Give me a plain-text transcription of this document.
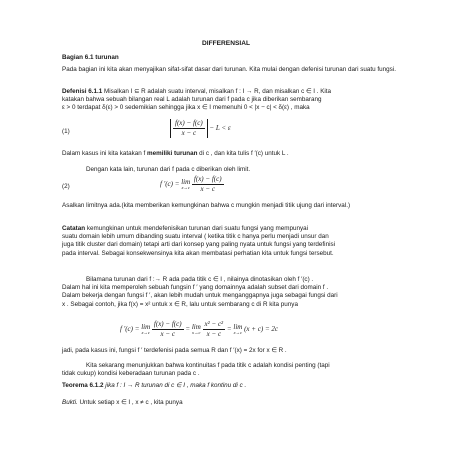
DIFFERENSIAL

Bagian 6.1 turunan

Pada bagian ini kita akan menyajikan sifat-sifat dasar dari turunan. Kita mulai dengan defenisi turunan dari suatu fungsi.

Defenisi 6.1.1 Misalkan I ⊆ R adalah suatu interval, misalkan f : I → R, dan misalkan c ∈ I . Kita
katakan bahwa sebuah bilangan real L adalah turunan dari f pada c jika diberikan sembarang
ε > 0 terdapat δ(ε) > 0 sedemikian sehingga jika x ∈ I memenuhi 0 < |x − c| < δ(ε) , maka
(1)	$\frac{f(x) - f(c)}{x - c} - L < \varepsilon$
Dalam kasus ini kita katakan f memiliki turunan di c , dan kita tulis f ′(c) untuk L .

Dengan kata lain, turunan dari f pada c diberikan oleh limit.

(2)	f ′(c) = lim
x→c
$\frac{f(x) - f(c)}{x - c}$

Asalkan limitnya ada.(kita memberikan kemungkinan bahwa c mungkin menjadi titik ujung dari interval.)

Catatan kemungkinan untuk mendefenisikan turunan dari suatu fungsi yang mempunyai
suatu domain lebih umum dibanding suatu interval ( ketika titik c hanya perlu menjadi unsur dan
juga titik cluster dari domain) tetapi arti dari konsep yang paling nyata untuk fungsi yang terdefinisi
pada interval. Sebagai konsekwensinya kita akan membatasi perhatian kita untuk fungsi tersebut.
Bilamana turunan dari f :→ R ada pada titik c ∈ I , nilainya dinotasikan oleh f ′(c) .
Dalam hal ini kita memperoleh sebuah fungsin f ′ yang domainnya adalah subset dari domain f .
Dalam bekerja dengan fungsi f ′, akan lebih mudah untuk menganggapnya juga sebagai fungsi dari
x . Sebagai contoh, jika f(x) = x² untuk x ∈ R, lalu untuk sembarang c di R kita punya
f ′(c) = lim
x→c
$\frac{f(x) - f(c)}{x - c} = \lim$
x→c
$\frac{\text{x² − c²}}{x - c} = \lim$
x→c (x + c) = 2c

jadi, pada kasus ini, fungsi f ′ terdefenisi pada semua R dan f ′(x) = 2x for x ∈ R .

Kita sekarang menunjukkan bahwa kontinuitas f pada titik c adalah kondisi penting (tapi
tidak cukup) kondisi keberadaan turunan pada c .
Teorema 6.1.2 jika f : I → R turunan di c ∈ I , maka f kontinu di c .
Bukti. Untuk setiap x ∈ I , x ≠ c , kita punya
